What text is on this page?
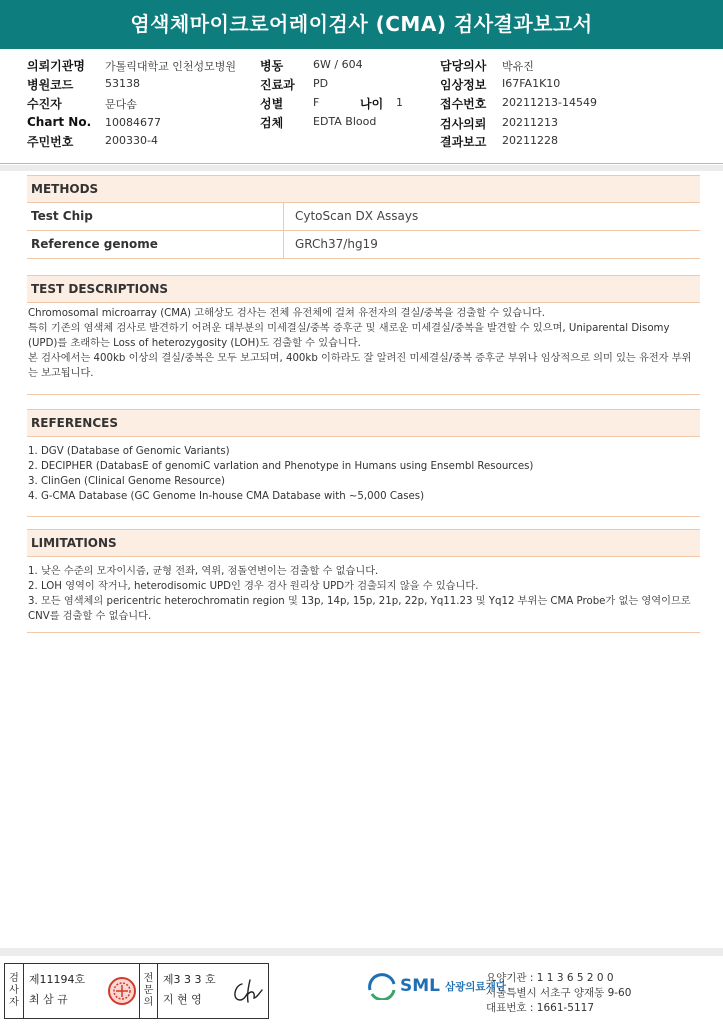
염색체마이크로어레이검사 (CMA) 검사결과보고서
의뢰기관명 가톨릭대학교 인천성모병원
병원코드	53138
수진자	문다솜
Chart No. 10084677
주민번호	200330-4
병동	6W / 604
진료과 PD
성별	F	나이 1
검체	EDTA Blood
담당의사 박유진
임상정보 I67FA1K10
접수번호 20211213-14549
검사의뢰 20211213
결과보고 20211228
METHODS
Test Chip	CytoScan DX Assays
Reference genome	GRCh37/hg19
TEST DESCRIPTIONS
Chromosomal microarray (CMA) 고해상도 검사는 전체 유전체에 걸쳐 유전자의 결실/중복을 검출할 수 있습니다.
특히 기존의 염색체 검사로 발견하기 어려운 대부분의 미세결실/중복 증후군 및 새로운 미세결실/중복을 발견할 수 있으며, Uniparental Disomy (UPD)를 초래하는 Loss of heterozygosity (LOH)도 검출할 수 있습니다.
본 검사에서는 400kb 이상의 결실/중복은 모두 보고되며, 400kb 이하라도 잘 알려진 미세결실/중복 증후군 부위나 임상적으로 의미 있는 유전자 부위는 보고됩니다.
REFERENCES
1. DGV (Database of Genomic Variants)
2. DECIPHER (DatabasE of genomiC varIation and Phenotype in Humans using Ensembl Resources)
3. ClinGen (Clinical Genome Resource)
4. G-CMA Database (GC Genome In-house CMA Database with ~5,000 Cases)
LIMITATIONS
1. 낮은 수준의 모자이시즘, 균형 전좌, 역위, 점돌연변이는 검출할 수 없습니다.
2. LOH 영역이 작거나, heterodisomic UPD인 경우 검사 원리상 UPD가 검출되지 않을 수 있습니다.
3. 모든 염색체의 pericentric heterochromatin region 및 13p, 14p, 15p, 21p, 22p, Yq11.23 및 Yq12 부위는 CMA Probe가 없는 영역이므로 CNV를 검출할 수 없습니다.
검
사
자
제11194호
최 삼 규
전
문
의
제3 3 3 호
지 현 영
SML 삼광의료재단
요양기관 : 1 1 3 6 5 2 0 0
서울특별시 서초구 양재동 9-60
대표번호 : 1661-5117
